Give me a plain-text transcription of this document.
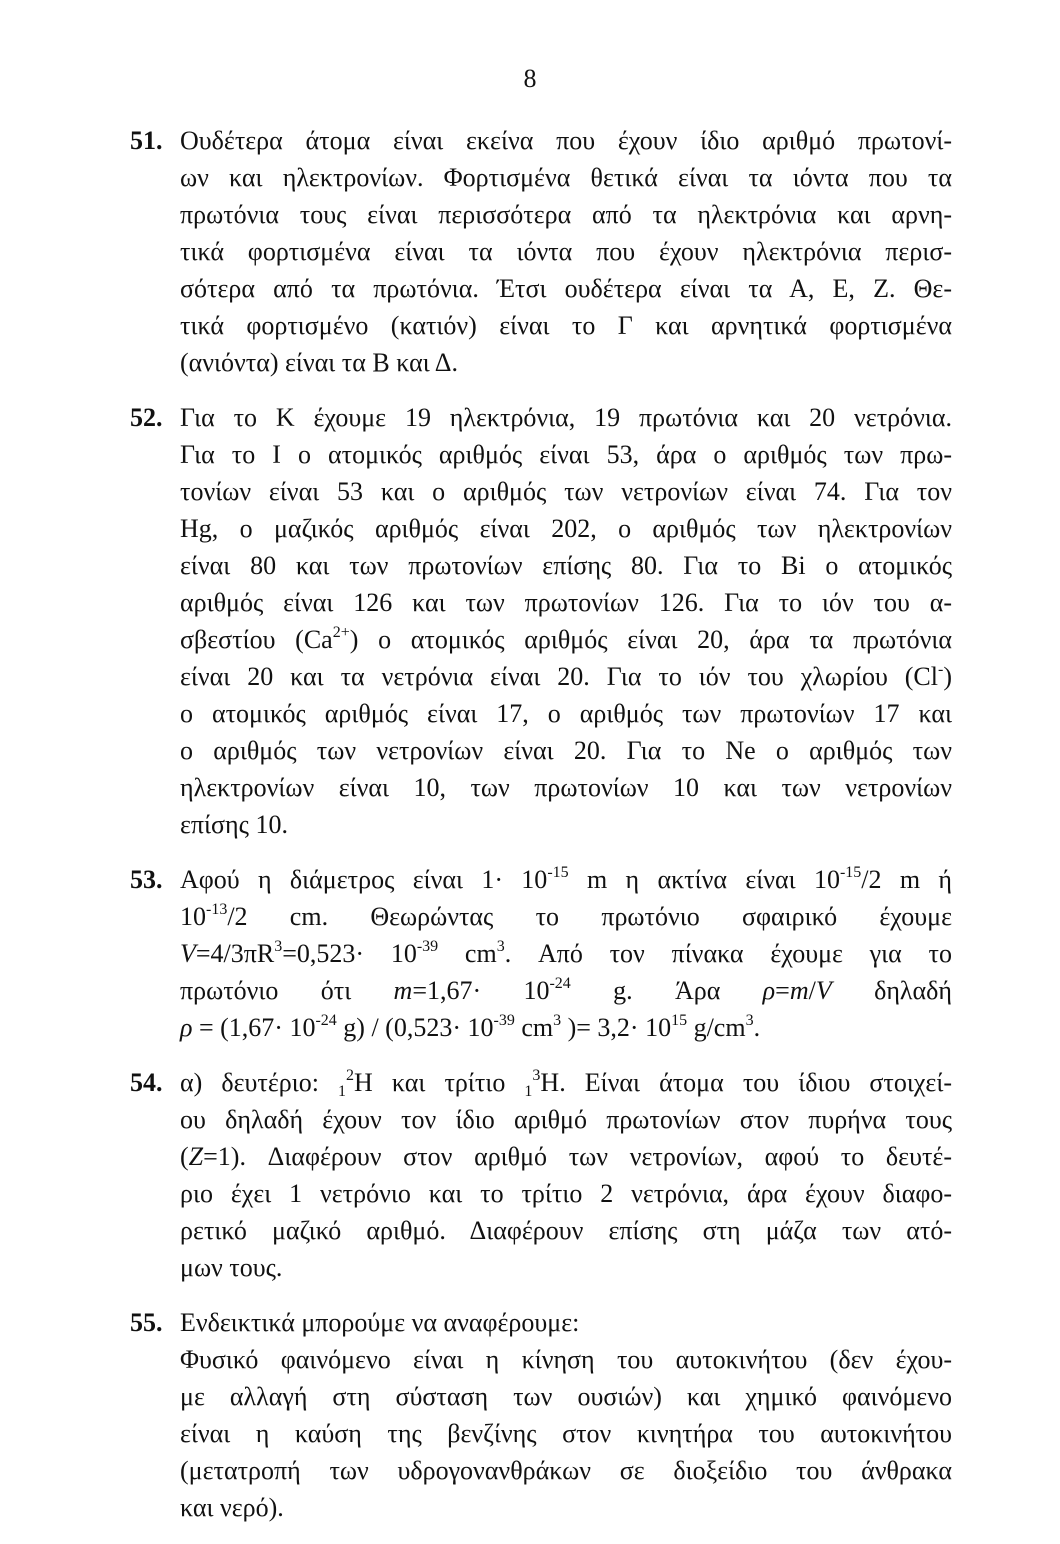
8
51. Ουδέτερα άτομα είναι εκείνα που έχουν ίδιο αριθμό πρωτονί-
ων και ηλεκτρονίων. Φορτισμένα θετικά είναι τα ιόντα που τα
πρωτόνια τους είναι περισσότερα από τα ηλεκτρόνια και αρνη-
τικά φορτισμένα είναι τα ιόντα που έχουν ηλεκτρόνια περισ-
σότερα από τα πρωτόνια. Έτσι ουδέτερα είναι τα Α, Ε, Ζ. Θε-
τικά φορτισμένο (κατιόν) είναι το Γ και αρνητικά φορτισμένα
(ανιόντα) είναι τα Β και Δ.
52. Για το Κ έχουμε 19 ηλεκτρόνια, 19 πρωτόνια και 20 νετρόνια.
Για το Ι ο ατομικός αριθμός είναι 53, άρα ο αριθμός των πρω-
τονίων είναι 53 και ο αριθμός των νετρονίων είναι 74. Για τον
Hg, ο μαζικός αριθμός είναι 202, ο αριθμός των ηλεκτρονίων
είναι 80 και των πρωτονίων επίσης 80. Για το Bi ο ατομικός
αριθμός είναι 126 και των πρωτονίων 126. Για το ιόν του α-
σβεστίου $(Ca^{2+})$ ο ατομικός αριθμός είναι 20, άρα τα πρωτόνια
είναι 20 και τα νετρόνια είναι 20. Για το ιόν του χλωρίου (Cl-)
ο ατομικός αριθμός είναι 17, ο αριθμός των πρωτονίων 17 και
ο αριθμός των νετρονίων είναι 20. Για το Ne ο αριθμός των
ηλεκτρονίων είναι 10, των πρωτονίων 10 και των νετρονίων
επίσης 10.
53. Αφού η διάμετρος είναι $1\cdot 10^{-15}$ m η ακτίνα είναι $10^{-15}/2$ m ή
$10^{-13}/2$ cm. Θεωρώντας το πρωτόνιο σφαιρικό έχουμε
$V=4/3\pi R^3=0,523\cdot 10^{-39}$ $cm^3$. Από τον πίνακα έχουμε για το
πρωτόνιο ότι $m=1,67\cdot 10^{-24}$ g. Άρα ρ=m/V δηλαδή
$\rho = (1,67\cdot 10^{-24}$ $g) / (0,523\cdot 10^{-39}$ $cm^3$ )= $3,2\cdot 10^{15}$ $g/cm^3$.
54. α) δευτέριο: $_1^2$H και τρίτιο $_1^3$H. Είναι άτομα του ίδιου στοιχεί-
ου δηλαδή έχουν τον ίδιο αριθμό πρωτονίων στον πυρήνα τους
(Z=1). Διαφέρουν στον αριθμό των νετρονίων, αφού το δευτέ-
ριο έχει 1 νετρόνιο και το τρίτιο 2 νετρόνια, άρα έχουν διαφο-
ρετικό μαζικό αριθμό. Διαφέρουν επίσης στη μάζα των ατό-
μων τους.
55. Ενδεικτικά μπορούμε να αναφέρουμε:
Φυσικό φαινόμενο είναι η κίνηση του αυτοκινήτου (δεν έχου-
με αλλαγή στη σύσταση των ουσιών) και χημικό φαινόμενο
είναι η καύση της βενζίνης στον κινητήρα του αυτοκινήτου
(μετατροπή των υδρογονανθράκων σε διοξείδιο του άνθρακα
και νερό).
